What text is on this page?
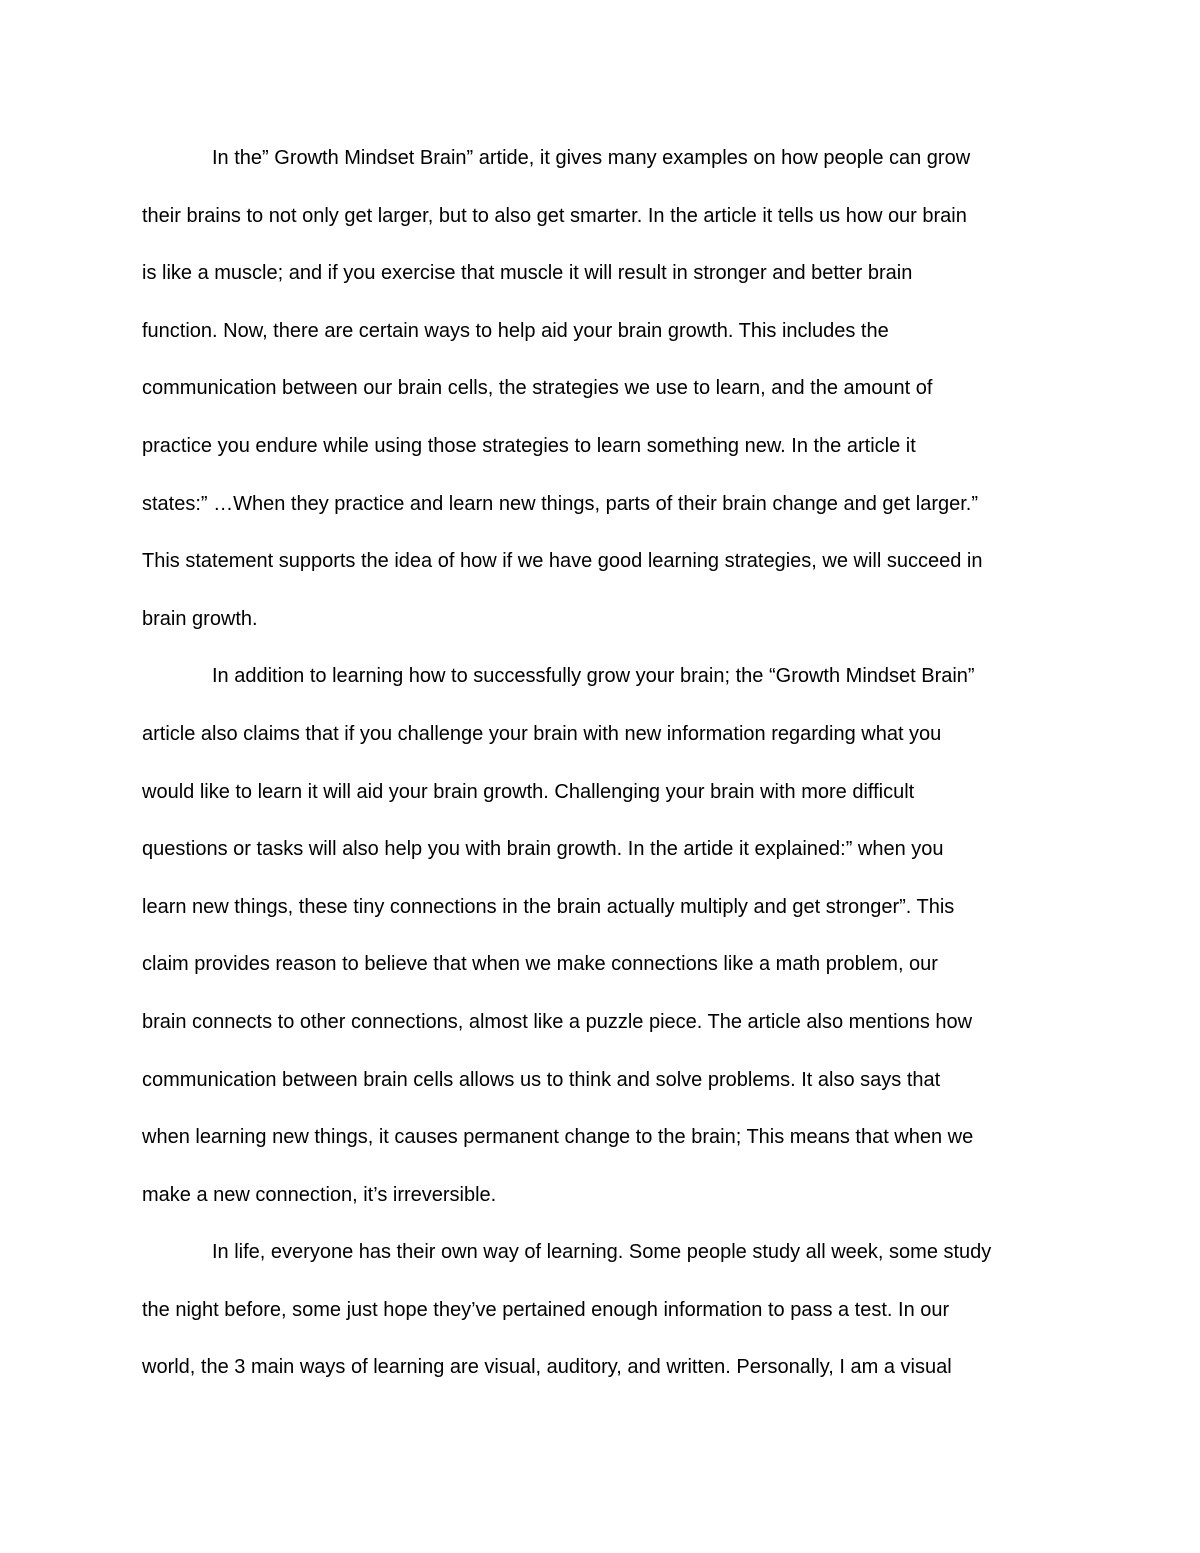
In the” Growth Mindset Brain” artide, it gives many examples on how people can grow
their brains to not only get larger, but to also get smarter. In the article it tells us how our brain
is like a muscle; and if you exercise that muscle it will result in stronger and better brain
function. Now, there are certain ways to help aid your brain growth. This includes the
communication between our brain cells, the strategies we use to learn, and the amount of
practice you endure while using those strategies to learn something new. In the article it
states:” …When they practice and learn new things, parts of their brain change and get larger.”
This statement supports the idea of how if we have good learning strategies, we will succeed in
brain growth.
In addition to learning how to successfully grow your brain; the “Growth Mindset Brain”
article also claims that if you challenge your brain with new information regarding what you
would like to learn it will aid your brain growth. Challenging your brain with more difficult
questions or tasks will also help you with brain growth. In the artide it explained:” when you
learn new things, these tiny connections in the brain actually multiply and get stronger”. This
claim provides reason to believe that when we make connections like a math problem, our
brain connects to other connections, almost like a puzzle piece. The article also mentions how
communication between brain cells allows us to think and solve problems. It also says that
when learning new things, it causes permanent change to the brain; This means that when we
make a new connection, it’s irreversible.
In life, everyone has their own way of learning. Some people study all week, some study
the night before, some just hope they’ve pertained enough information to pass a test. In our
world, the 3 main ways of learning are visual, auditory, and written. Personally, I am a visual
